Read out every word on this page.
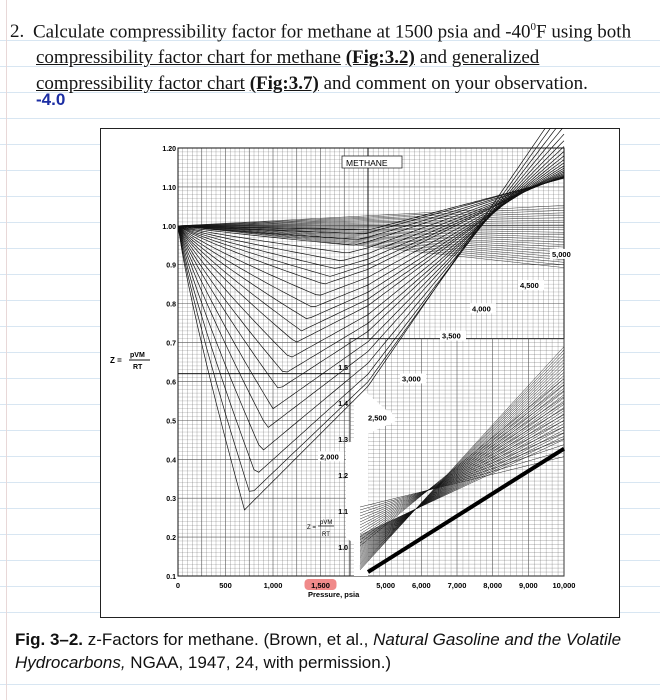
2. Calculate compressibility factor for methane at 1500 psia and $-40^0F$ using both compressibility factor chart for methane (Fig:3.2) and generalized
compressibility factor chart (Fig:3.7) and comment on your observation.
-4.0
Z =
pVM
RT
METHANE
2,000
2,500
3,000
3,500
4,000
4,500
5,000
Z =
pVM
RT
1.20
1.10
1.00
0.9
0.8
0.7
0.6
0.5
0.4
0.3
0.2
0.1
1.0
1.1
1.2
1.3
1.4
1.5
0	500	1,000	1,500	5,000 6,000 7,000 8,000 9,000 10,000
Pressure, psia
Fig. 3–2. z-Factors for methane. (Brown, et al., Natural Gasoline and the Volatile Hydrocarbons, NGAA, 1947, 24, with permission.)
